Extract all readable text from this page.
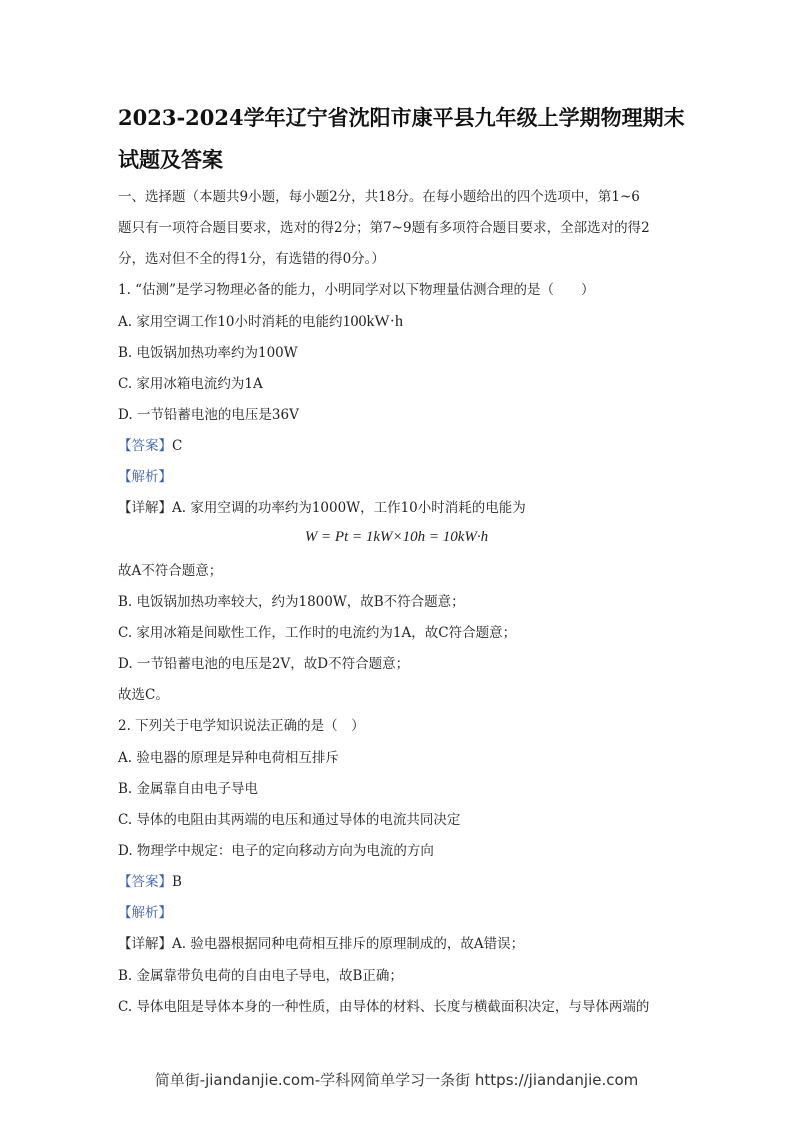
2023-2024学年辽宁省沈阳市康平县九年级上学期物理期末
试题及答案
一、选择题（本题共9小题，每小题2分，共18分。在每小题给出的四个选项中，第1~6
题只有一项符合题目要求，选对的得2分；第7~9题有多项符合题目要求，全部选对的得2
分，选对但不全的得1分，有选错的得0分。）
1. “估测”是学习物理必备的能力，小明同学对以下物理量估测合理的是（　　）
A. 家用空调工作10小时消耗的电能约100kW·h
B. 电饭锅加热功率约为100W
C. 家用冰箱电流约为1A
D. 一节铅蓄电池的电压是36V
【答案】C
【解析】
【详解】A. 家用空调的功率约为1000W，工作10小时消耗的电能为
W = Pt = 1kW×10h = 10kW·h
故A不符合题意；
B. 电饭锅加热功率较大，约为1800W，故B不符合题意；
C. 家用冰箱是间歇性工作，工作时的电流约为1A，故C符合题意；
D. 一节铅蓄电池的电压是2V，故D不符合题意；
故选C。
2. 下列关于电学知识说法正确的是（　）
A. 验电器的原理是异种电荷相互排斥
B. 金属靠自由电子导电
C. 导体的电阻由其两端的电压和通过导体的电流共同决定
D. 物理学中规定：电子的定向移动方向为电流的方向
【答案】B
【解析】
【详解】A. 验电器根据同种电荷相互排斥的原理制成的，故A错误；
B. 金属靠带负电荷的自由电子导电，故B正确；
C. 导体电阻是导体本身的一种性质，由导体的材料、长度与横截面积决定，与导体两端的
简单街-jiandanjie.com-学科网简单学习一条街 https://jiandanjie.com
